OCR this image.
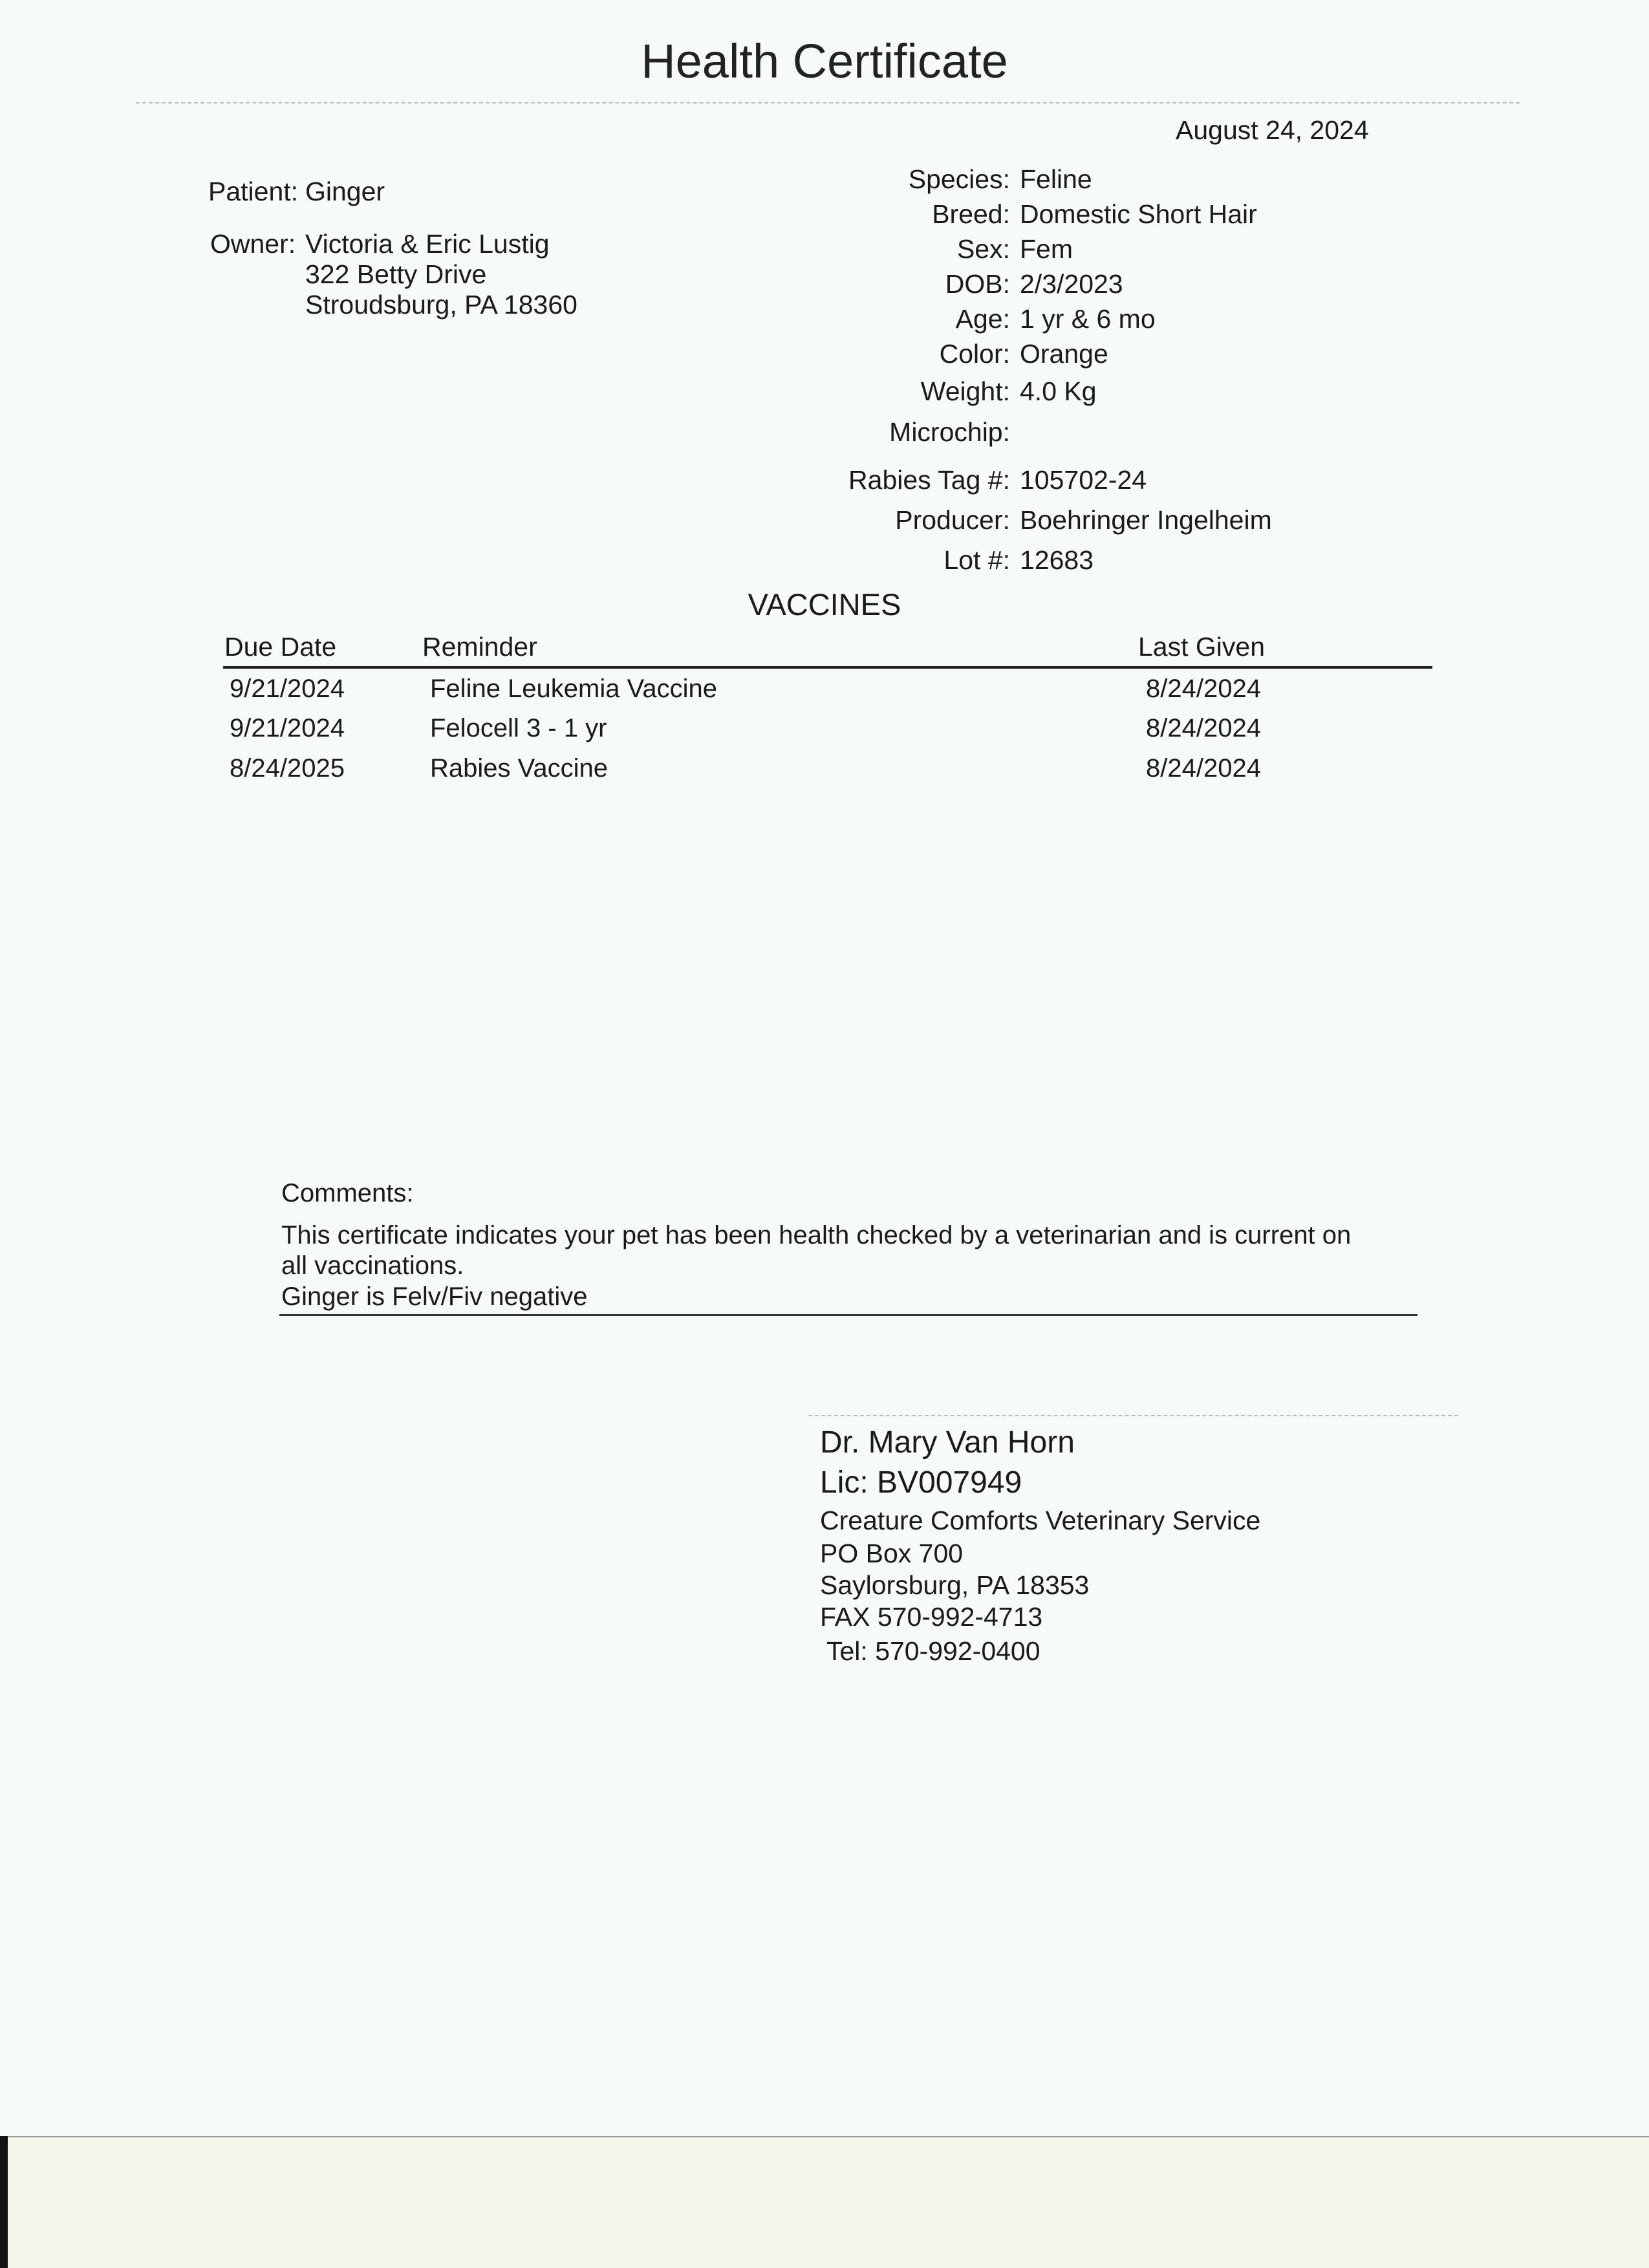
Health Certificate
August 24, 2024
Patient: Ginger
Owner: Victoria & Eric Lustig
322 Betty Drive
Stroudsburg, PA 18360
Species: Feline
Breed: Domestic Short Hair
Sex: Fem
DOB: 2/3/2023
Age: 1 yr & 6 mo
Color: Orange
Weight: 4.0 Kg
Microchip:
Rabies Tag #: 105702-24
Producer: Boehringer Ingelheim
Lot #: 12683
VACCINES
Due Date	Reminder	Last Given
9/21/2024	Feline Leukemia Vaccine	8/24/2024
9/21/2024	Felocell 3 - 1 yr	8/24/2024
8/24/2025	Rabies Vaccine	8/24/2024
Comments:
This certificate indicates your pet has been health checked by a veterinarian and is current on
all vaccinations.
Ginger is Felv/Fiv negative
Dr. Mary Van Horn
Lic: BV007949
Creature Comforts Veterinary Service
PO Box 700
Saylorsburg, PA 18353
FAX 570-992-4713
Tel: 570-992-0400
